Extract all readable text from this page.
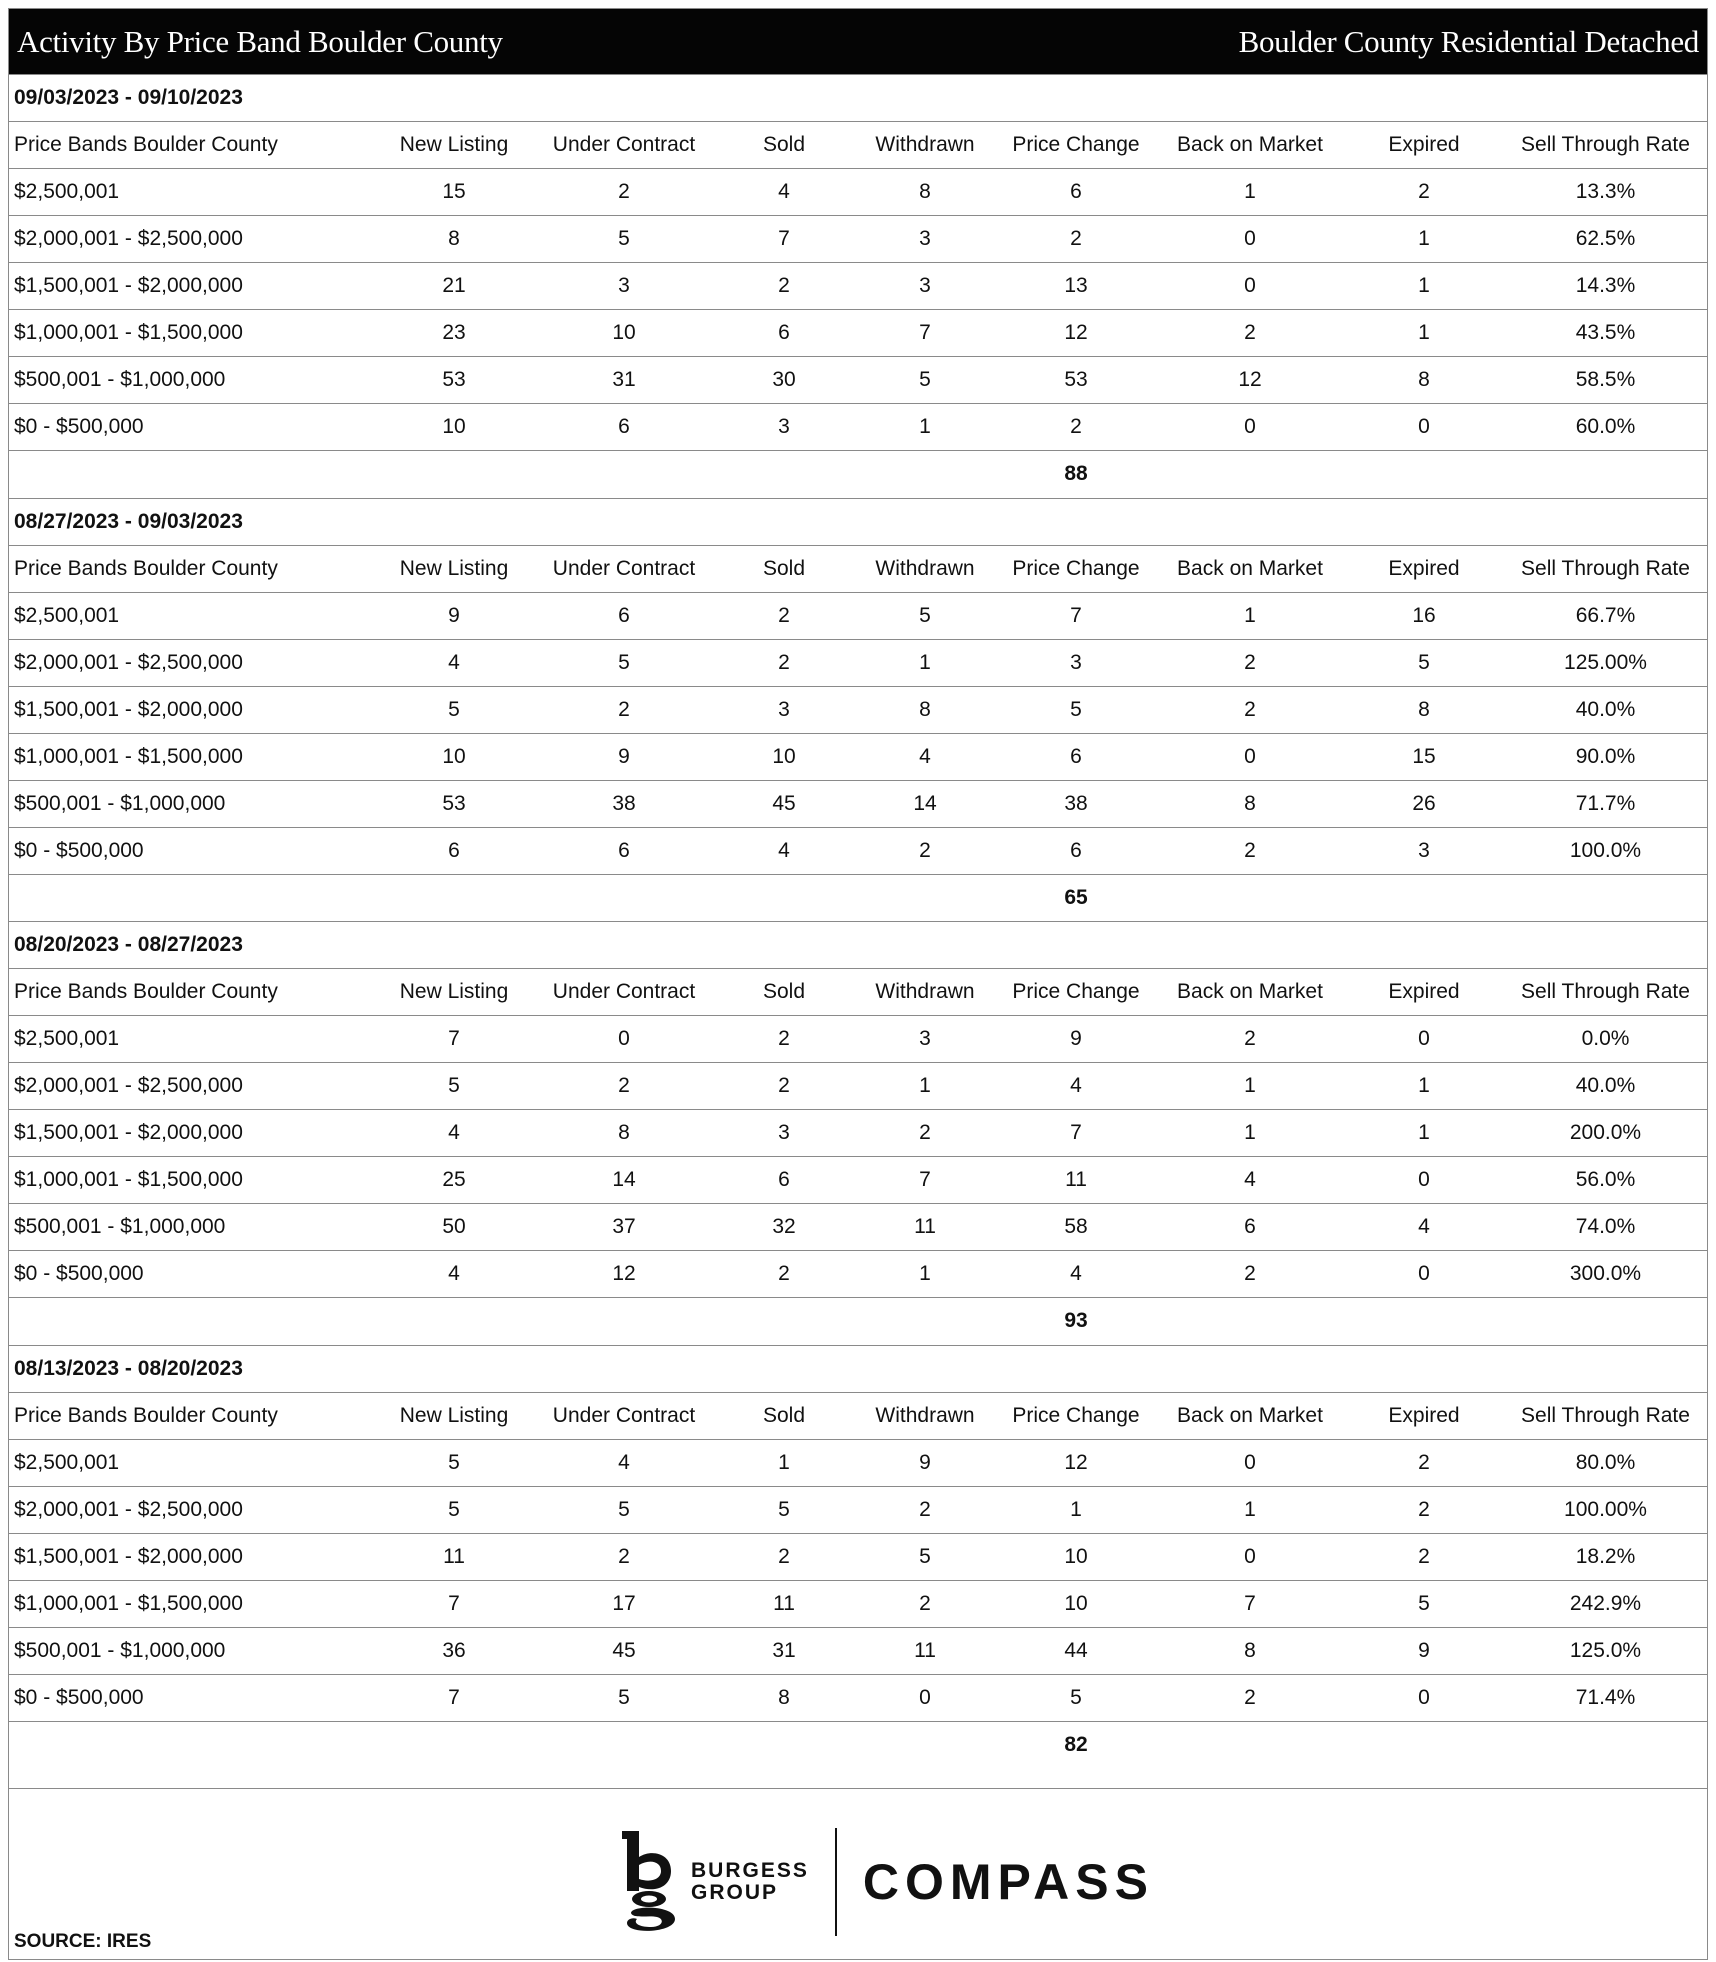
Activity By Price Band Boulder County	Boulder County Residential Detached
09/03/2023 - 09/10/2023
Price Bands Boulder County	New Listing	Under Contract	Sold	Withdrawn	Price Change	Back on Market	Expired	Sell Through Rate
$2,500,001	15	2	4	8	6	1	2	13.3%
$2,000,001 - $2,500,000	8	5	7	3	2	0	1	62.5%
$1,500,001 - $2,000,000	21	3	2	3	13	0	1	14.3%
$1,000,001 - $1,500,000	23	10	6	7	12	2	1	43.5%
$500,001 - $1,000,000	53	31	30	5	53	12	8	58.5%
$0 - $500,000	10	6	3	1	2	0	0	60.0%
					88			
08/27/2023 - 09/03/2023
Price Bands Boulder County	New Listing	Under Contract	Sold	Withdrawn	Price Change	Back on Market	Expired	Sell Through Rate
$2,500,001	9	6	2	5	7	1	16	66.7%
$2,000,001 - $2,500,000	4	5	2	1	3	2	5	125.00%
$1,500,001 - $2,000,000	5	2	3	8	5	2	8	40.0%
$1,000,001 - $1,500,000	10	9	10	4	6	0	15	90.0%
$500,001 - $1,000,000	53	38	45	14	38	8	26	71.7%
$0 - $500,000	6	6	4	2	6	2	3	100.0%
					65			
08/20/2023 - 08/27/2023
Price Bands Boulder County	New Listing	Under Contract	Sold	Withdrawn	Price Change	Back on Market	Expired	Sell Through Rate
$2,500,001	7	0	2	3	9	2	0	0.0%
$2,000,001 - $2,500,000	5	2	2	1	4	1	1	40.0%
$1,500,001 - $2,000,000	4	8	3	2	7	1	1	200.0%
$1,000,001 - $1,500,000	25	14	6	7	11	4	0	56.0%
$500,001 - $1,000,000	50	37	32	11	58	6	4	74.0%
$0 - $500,000	4	12	2	1	4	2	0	300.0%
					93			
08/13/2023 - 08/20/2023
Price Bands Boulder County	New Listing	Under Contract	Sold	Withdrawn	Price Change	Back on Market	Expired	Sell Through Rate
$2,500,001	5	4	1	9	12	0	2	80.0%
$2,000,001 - $2,500,000	5	5	5	2	1	1	2	100.00%
$1,500,001 - $2,000,000	11	2	2	5	10	0	2	18.2%
$1,000,001 - $1,500,000	7	17	11	2	10	7	5	242.9%
$500,001 - $1,000,000	36	45	31	11	44	8	9	125.0%
$0 - $500,000	7	5	8	0	5	2	0	71.4%
					82			
BURGESS
GROUP	COMPASS
SOURCE: IRES
